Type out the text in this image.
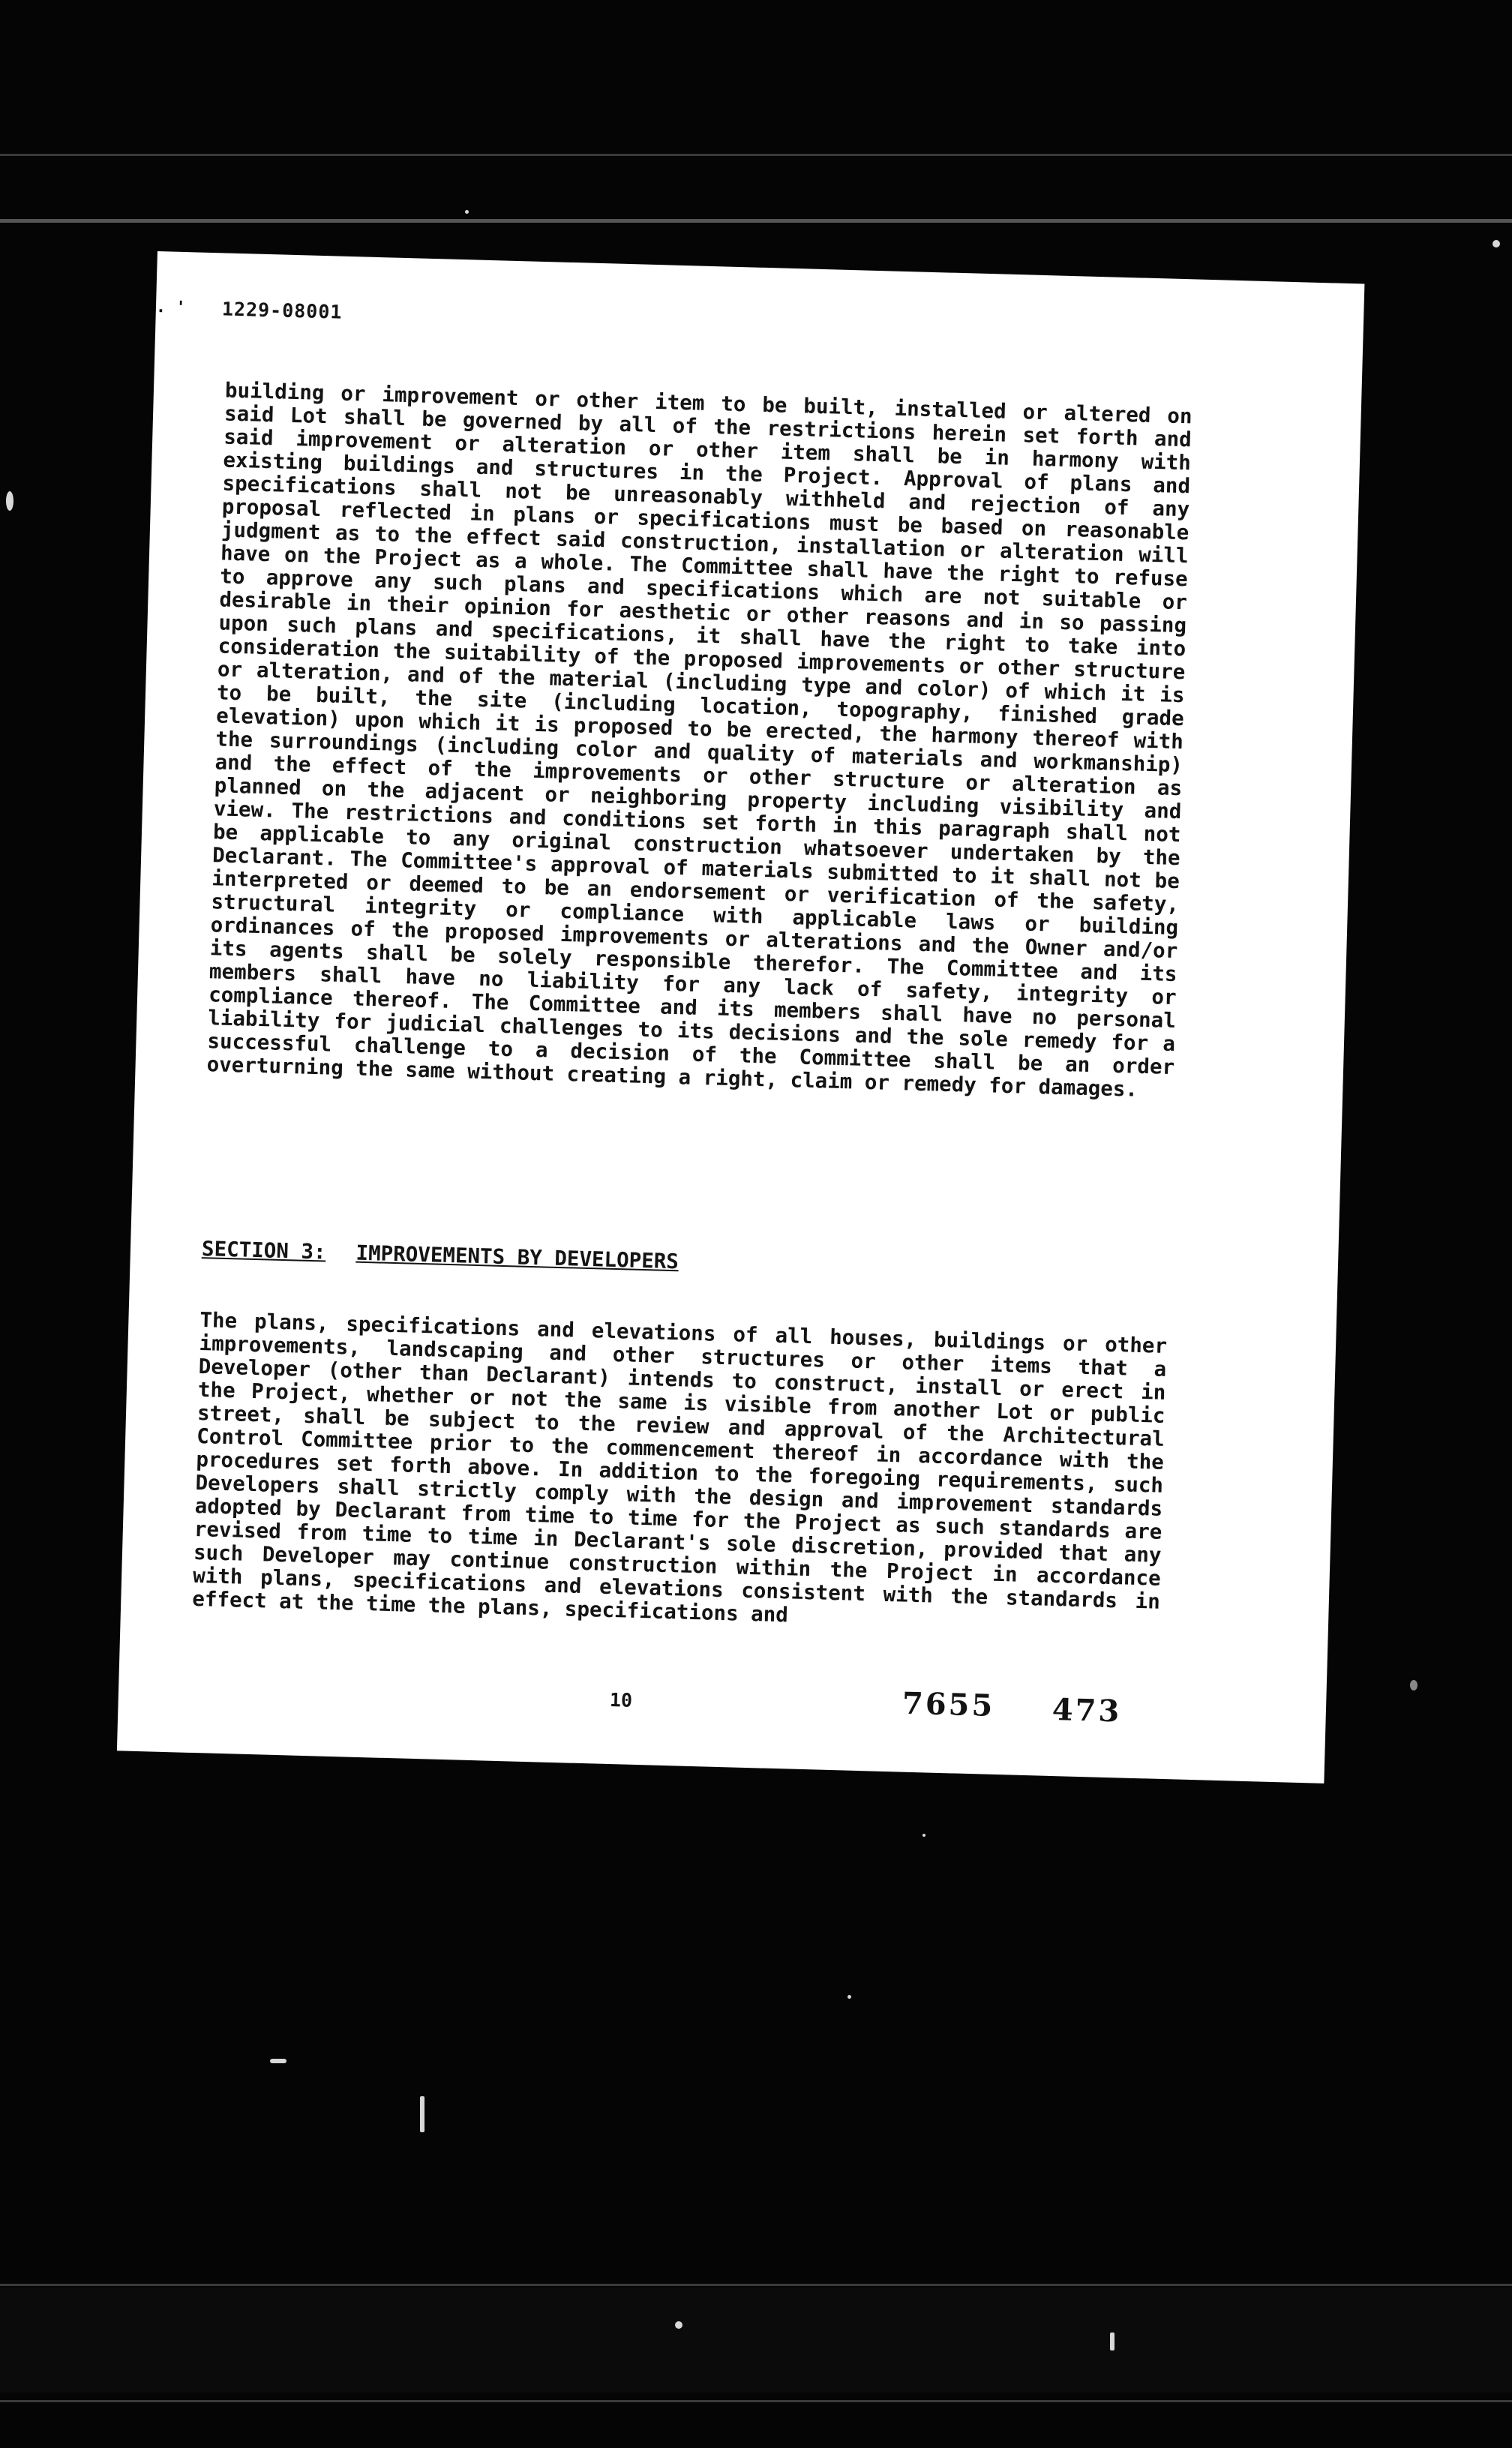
. ' 1229-08001

building or improvement or other item to be built, installed or altered on said Lot shall be governed by all of the restrictions herein set forth and said improvement or alteration or other item shall be in harmony with existing buildings and structures in the Project. Approval of plans and specifications shall not be unreasonably withheld and rejection of any proposal reflected in plans or specifications must be based on reasonable judgment as to the effect said construction, installation or alteration will have on the Project as a whole. The Committee shall have the right to refuse to approve any such plans and specifications which are not suitable or desirable in their opinion for aesthetic or other reasons and in so passing upon such plans and specifications, it shall have the right to take into consideration the suitability of the proposed improvements or other structure or alteration, and of the material (including type and color) of which it is to be built, the site (including location, topography, finished grade elevation) upon which it is proposed to be erected, the harmony thereof with the surroundings (including color and quality of materials and workmanship) and the effect of the improvements or other structure or alteration as planned on the adjacent or neighboring property including visibility and view. The restrictions and conditions set forth in this paragraph shall not be applicable to any original construction whatsoever undertaken by the Declarant. The Committee's approval of materials submitted to it shall not be interpreted or deemed to be an endorsement or verification of the safety, structural integrity or compliance with applicable laws or building ordinances of the proposed improvements or alterations and the Owner and/or its agents shall be solely responsible therefor. The Committee and its members shall have no liability for any lack of safety, integrity or compliance thereof. The Committee and its members shall have no personal liability for judicial challenges to its decisions and the sole remedy for a successful challenge to a decision of the Committee shall be an order overturning the same without creating a right, claim or remedy for damages.

SECTION 3: IMPROVEMENTS BY DEVELOPERS

The plans, specifications and elevations of all houses, buildings or other improvements, landscaping and other structures or other items that a Developer (other than Declarant) intends to construct, install or erect in the Project, whether or not the same is visible from another Lot or public street, shall be subject to the review and approval of the Architectural Control Committee prior to the commencement thereof in accordance with the procedures set forth above. In addition to the foregoing requirements, such Developers shall strictly comply with the design and improvement standards adopted by Declarant from time to time for the Project as such standards are revised from time to time in Declarant's sole discretion, provided that any such Developer may continue construction within the Project in accordance with plans, specifications and elevations consistent with the standards in effect at the time the plans, specifications and

10	7655 473
